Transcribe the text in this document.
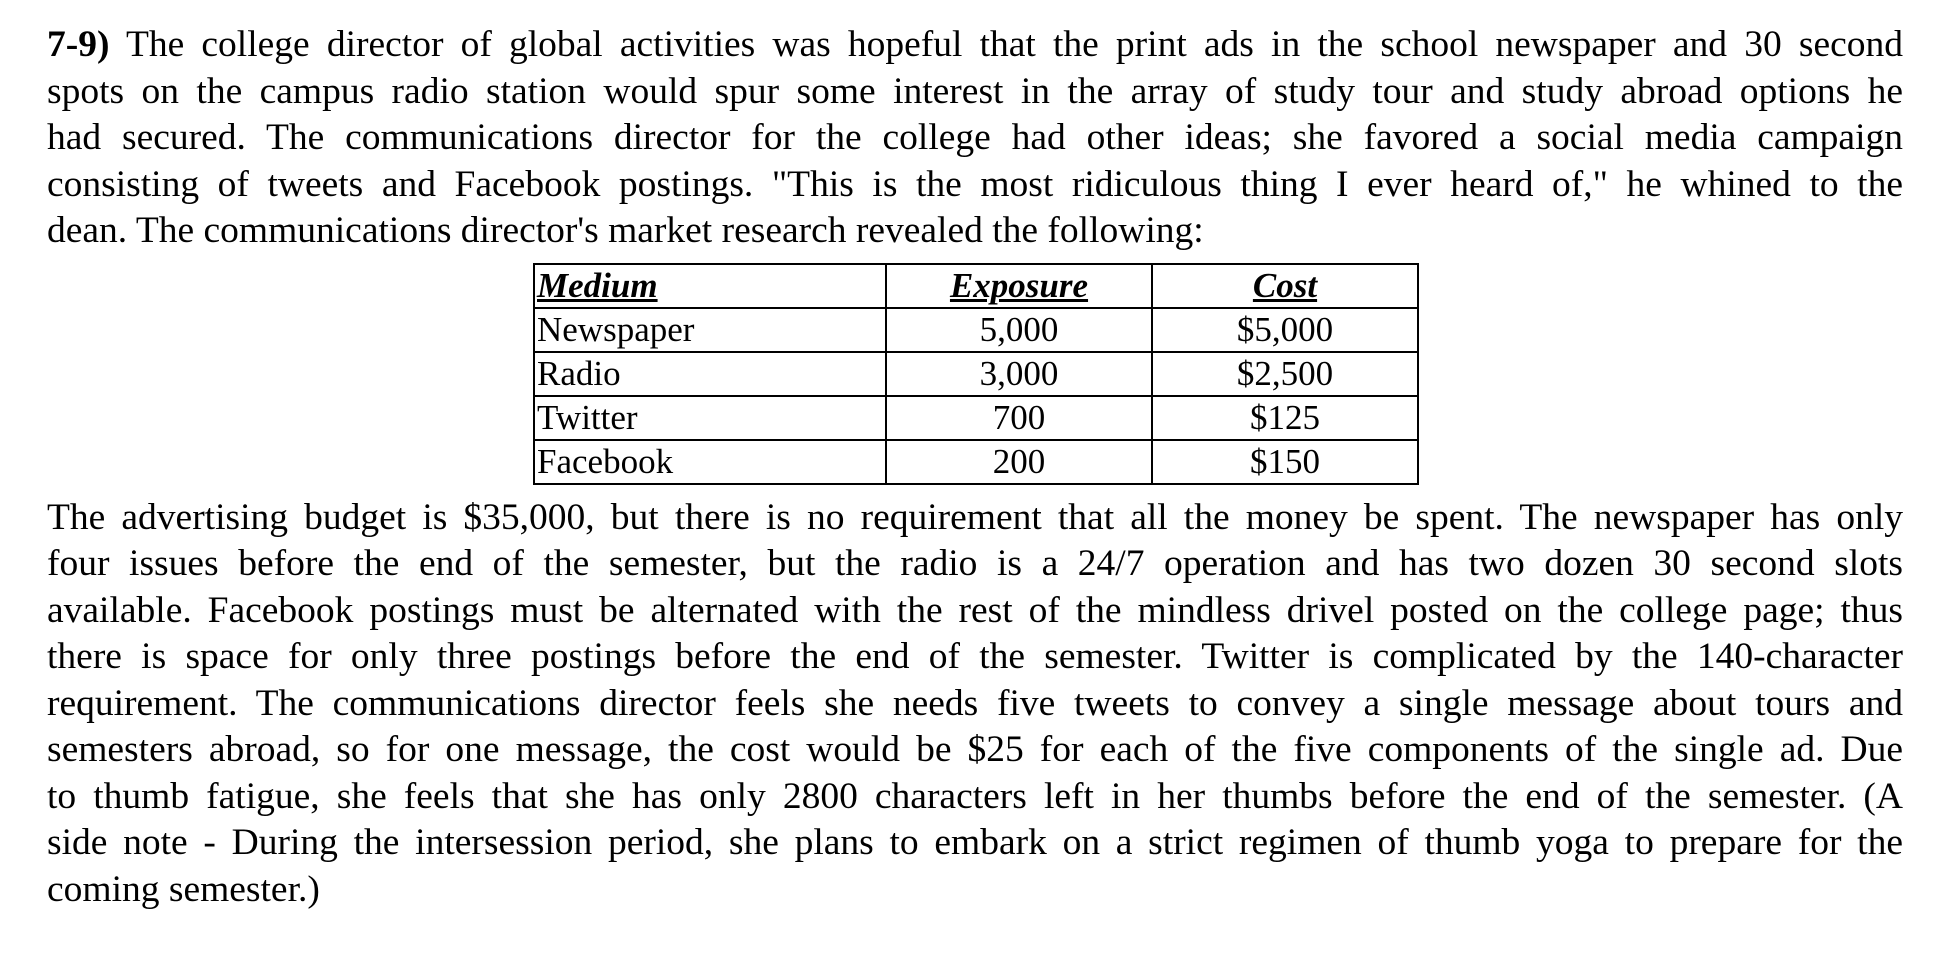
7-9) The college director of global activities was hopeful that the print ads in the school newspaper and 30 second
spots on the campus radio station would spur some interest in the array of study tour and study abroad options he
had secured. The communications director for the college had other ideas; she favored a social media campaign
consisting of tweets and Facebook postings. "This is the most ridiculous thing I ever heard of," he whined to the
dean. The communications director's market research revealed the following:

Medium	Exposure	Cost
Newspaper	5,000	$5,000
Radio	3,000	$2,500
Twitter	700	$125
Facebook	200	$150

The advertising budget is $35,000, but there is no requirement that all the money be spent. The newspaper has only
four issues before the end of the semester, but the radio is a 24/7 operation and has two dozen 30 second slots
available. Facebook postings must be alternated with the rest of the mindless drivel posted on the college page; thus
there is space for only three postings before the end of the semester. Twitter is complicated by the 140-character
requirement. The communications director feels she needs five tweets to convey a single message about tours and
semesters abroad, so for one message, the cost would be $25 for each of the five components of the single ad. Due
to thumb fatigue, she feels that she has only 2800 characters left in her thumbs before the end of the semester. (A
side note - During the intersession period, she plans to embark on a strict regimen of thumb yoga to prepare for the
coming semester.)
